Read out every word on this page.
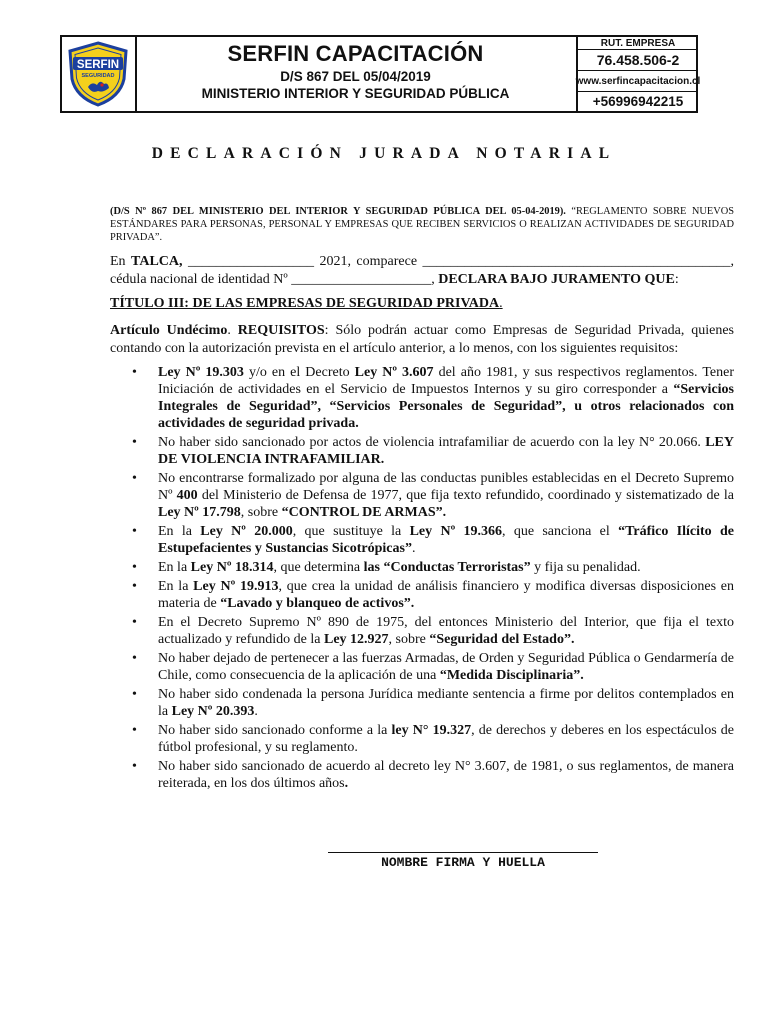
SERFIN
SEGURIDAD
SERFIN CAPACITACIÓN
D/S 867 DEL 05/04/2019
MINISTERIO INTERIOR Y SEGURIDAD PÚBLICA
RUT. EMPRESA
76.458.506-2
www.serfincapacitacion.cl
+56996942215
DECLARACIÓN JURADA NOTARIAL
(D/S Nº 867 DEL MINISTERIO DEL INTERIOR Y SEGURIDAD PÚBLICA DEL 05-04-2019). “REGLAMENTO SOBRE NUEVOS ESTÁNDARES PARA PERSONAS, PERSONAL Y EMPRESAS QUE RECIBEN SERVICIOS O REALIZAN ACTIVIDADES DE SEGURIDAD PRIVADA”.
En TALCA, __________________ 2021, comparece ____________________________________________,
cédula nacional de identidad Nº ____________________, DECLARA BAJO JURAMENTO QUE:
TÍTULO III: DE LAS EMPRESAS DE SEGURIDAD PRIVADA.
Artículo Undécimo. REQUISITOS: Sólo podrán actuar como Empresas de Seguridad Privada, quienes contando con la autorización prevista en el artículo anterior, a lo menos, con los siguientes requisitos:
• Ley Nº 19.303 y/o en el Decreto Ley Nº 3.607 del año 1981, y sus respectivos reglamentos. Tener Iniciación de actividades en el Servicio de Impuestos Internos y su giro corresponder a “Servicios Integrales de Seguridad”, “Servicios Personales de Seguridad”, u otros relacionados con actividades de seguridad privada.
• No haber sido sancionado por actos de violencia intrafamiliar de acuerdo con la ley N° 20.066. LEY DE VIOLENCIA INTRAFAMILIAR.
• No encontrarse formalizado por alguna de las conductas punibles establecidas en el Decreto Supremo Nº 400 del Ministerio de Defensa de 1977, que fija texto refundido, coordinado y sistematizado de la Ley Nº 17.798, sobre “CONTROL DE ARMAS”.
• En la Ley Nº 20.000, que sustituye la Ley Nº 19.366, que sanciona el “Tráfico Ilícito de Estupefacientes y Sustancias Sicotrópicas”.
• En la Ley Nº 18.314, que determina las “Conductas Terroristas” y fija su penalidad.
• En la Ley Nº 19.913, que crea la unidad de análisis financiero y modifica diversas disposiciones en materia de “Lavado y blanqueo de activos”.
• En el Decreto Supremo Nº 890 de 1975, del entonces Ministerio del Interior, que fija el texto actualizado y refundido de la Ley 12.927, sobre “Seguridad del Estado”.
• No haber dejado de pertenecer a las fuerzas Armadas, de Orden y Seguridad Pública o Gendarmería de Chile, como consecuencia de la aplicación de una “Medida Disciplinaria”.
• No haber sido condenada la persona Jurídica mediante sentencia a firme por delitos contemplados en la Ley Nº 20.393.
• No haber sido sancionado conforme a la ley N° 19.327, de derechos y deberes en los espectáculos de fútbol profesional, y su reglamento.
• No haber sido sancionado de acuerdo al decreto ley N° 3.607, de 1981, o sus reglamentos, de manera reiterada, en los dos últimos años.
NOMBRE FIRMA Y HUELLA
